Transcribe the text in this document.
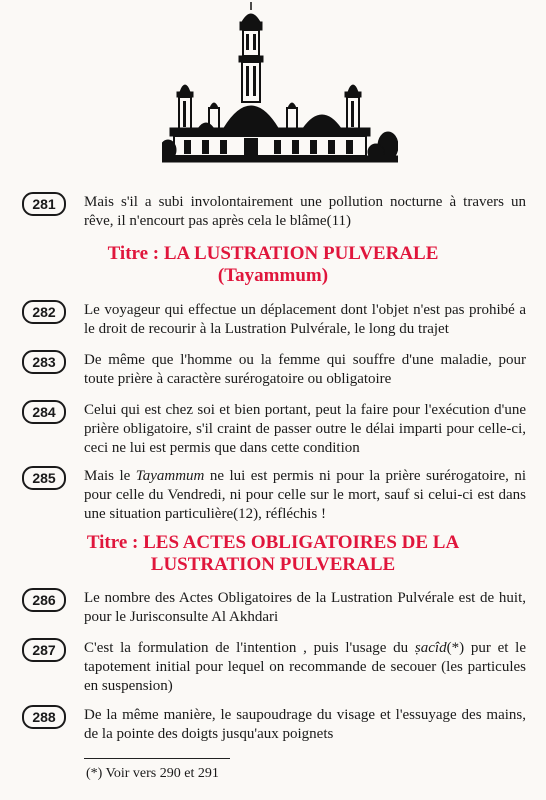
281	Mais s'il a subi involontairement une pollution nocturne à travers un rêve, il n'encourt pas après cela le blâme(11)

Titre : LA LUSTRATION PULVERALE

(Tayammum)

282	Le voyageur qui effectue un déplacement dont l'objet n'est pas prohibé a le droit de recourir à la Lustration Pulvérale, le long du trajet

283	De même que l'homme ou la femme qui souffre d'une maladie, pour toute prière à caractère surérogatoire ou obligatoire

284	Celui qui est chez soi et bien portant, peut la faire pour l'exécution d'une prière obligatoire, s'il craint de passer outre le délai imparti pour celle-ci, ceci ne lui est permis que dans cette condition

285	Mais le Tayammum ne lui est permis ni pour la prière surérogatoire, ni pour celle du Vendredi, ni pour celle sur le mort, sauf si celui-ci est dans une situation particulière(12), réfléchis !

Titre : LES ACTES OBLIGATOIRES DE LA

LUSTRATION PULVERALE

286	Le nombre des Actes Obligatoires de la Lustration Pulvérale est de huit, pour le Jurisconsulte Al Akhdari

287	C'est la formulation de l'intention , puis l'usage du ṣacîd(*) pur et le tapotement initial pour lequel on recommande de secouer (les particules en suspension)

288	De la même manière, le saupoudrage du visage et l'essuyage des mains, de la pointe des doigts jusqu'aux poignets

(*) Voir vers 290 et 291
